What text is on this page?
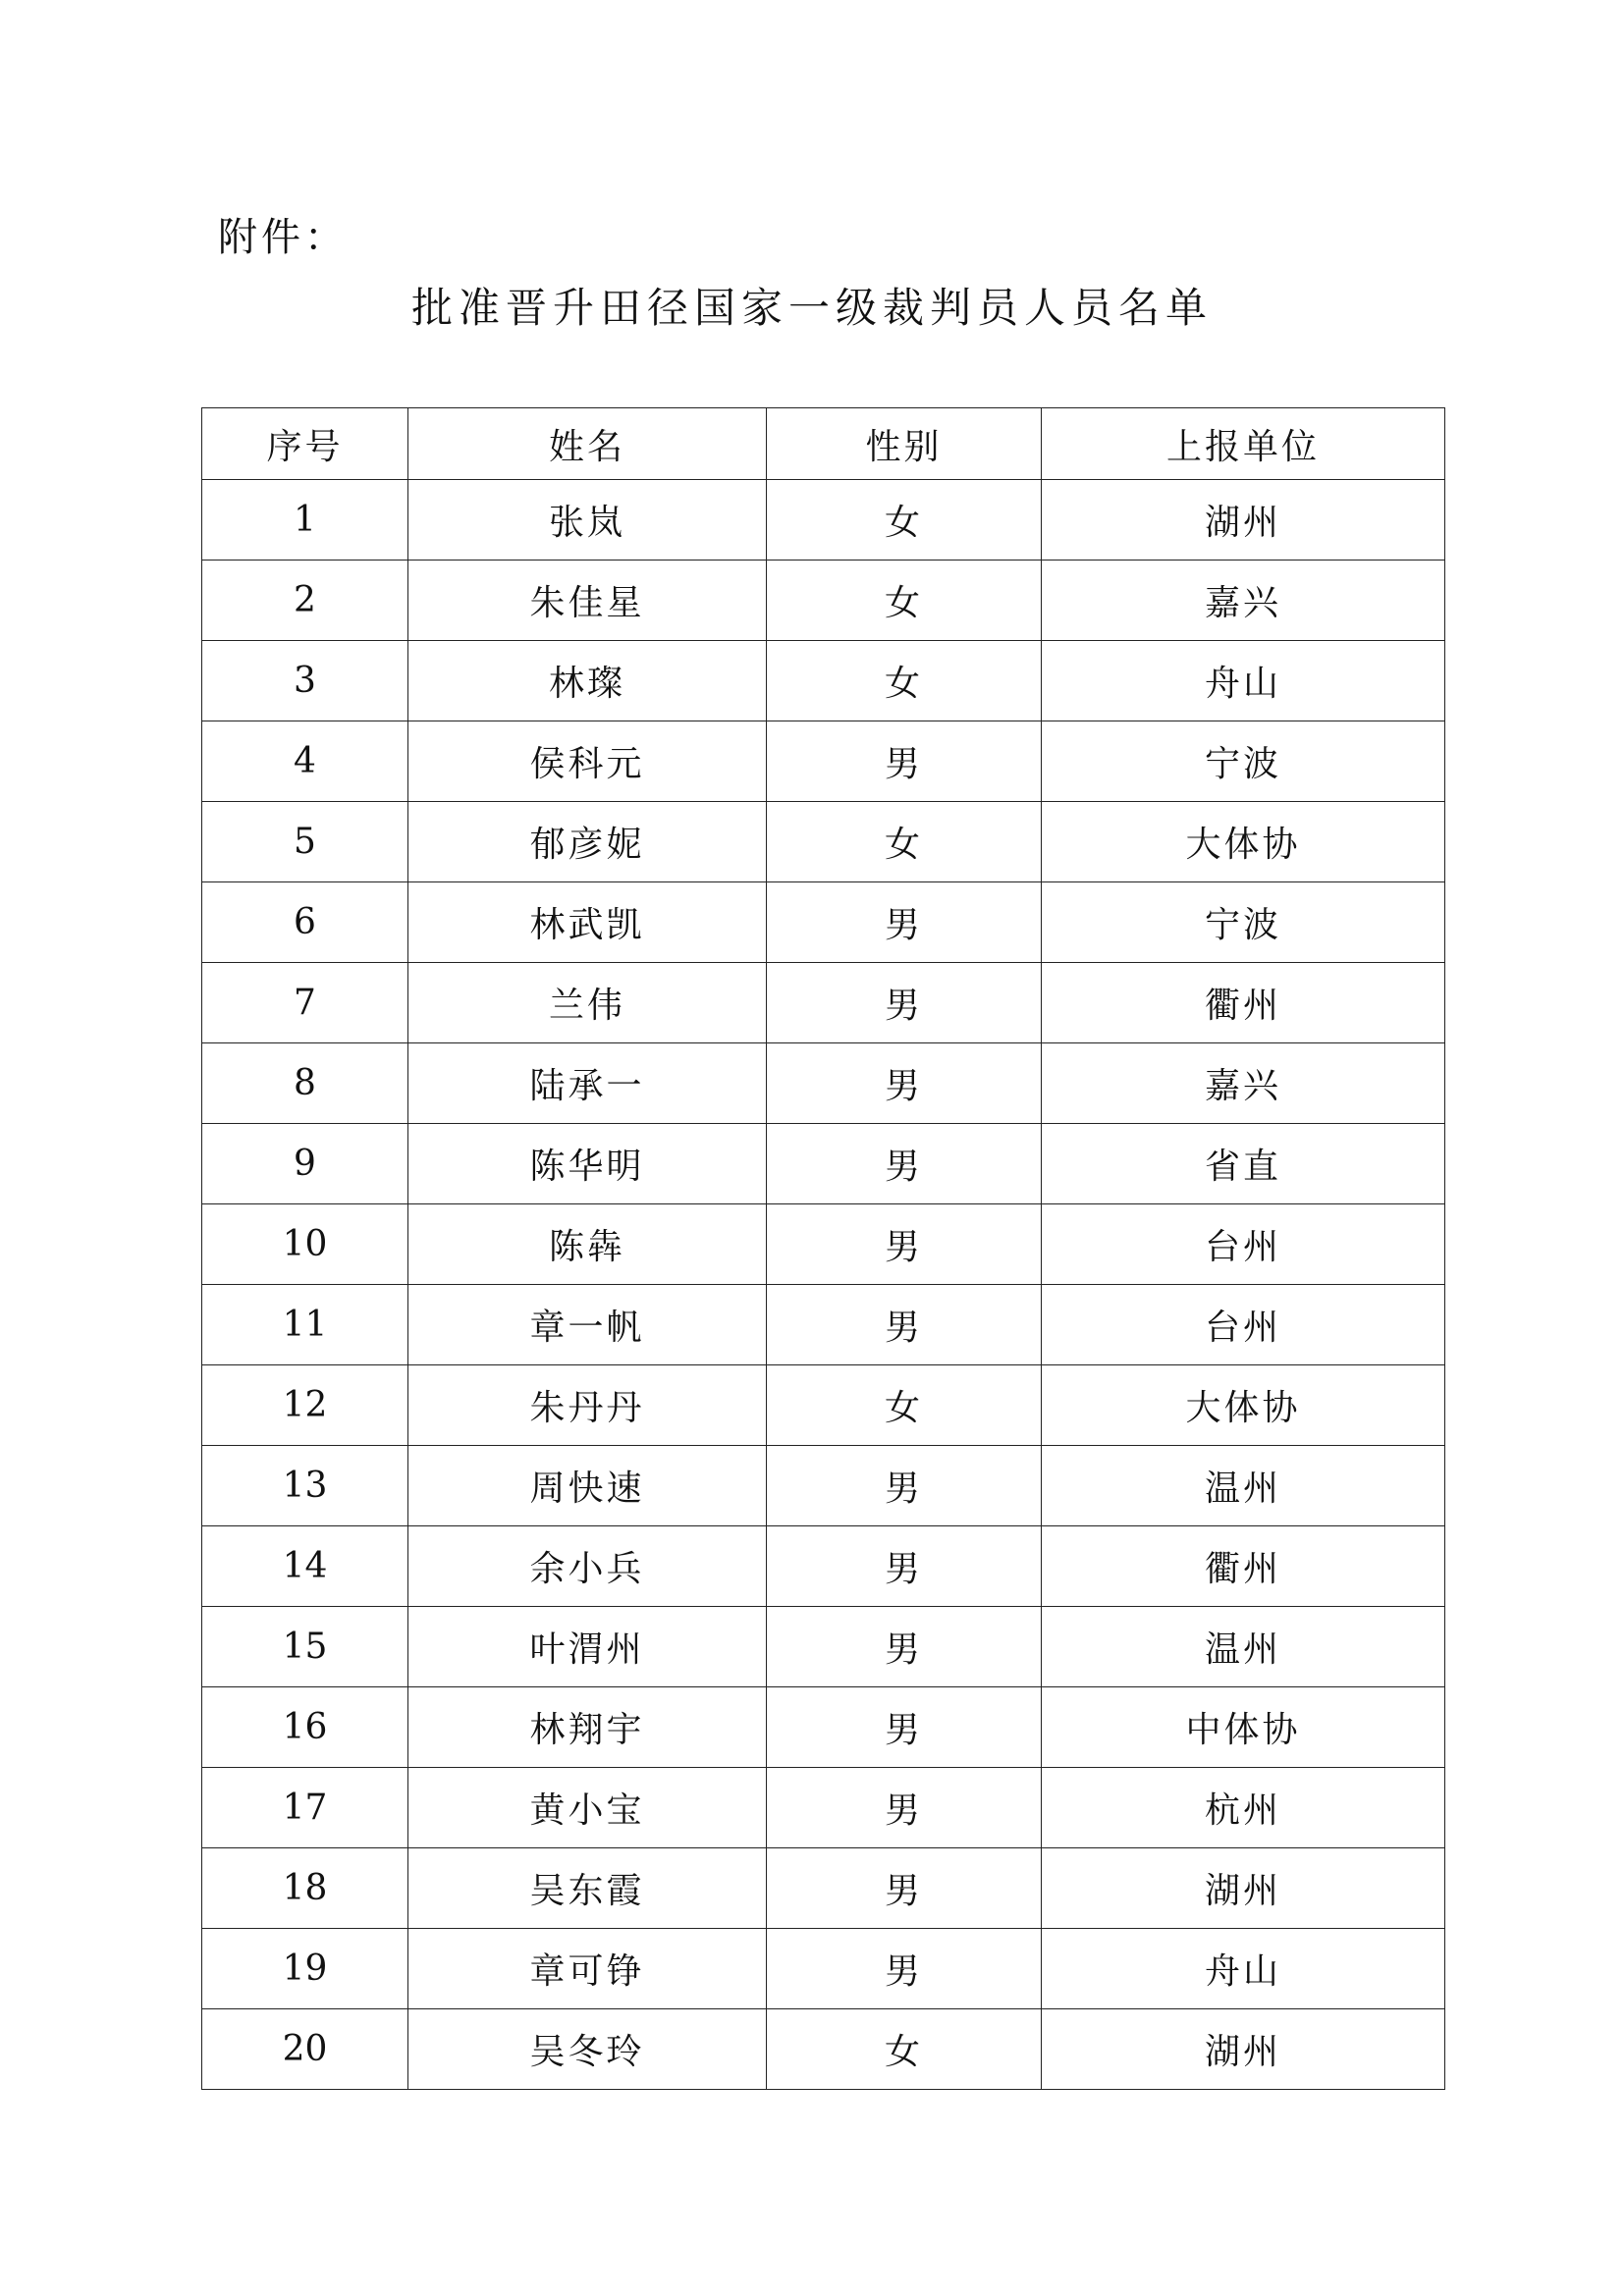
附件：
批准晋升田径国家一级裁判员人员名单
序号	姓名	性别	上报单位
1	张岚	女	湖州
2	朱佳星	女	嘉兴
3	林璨	女	舟山
4	侯科元	男	宁波
5	郁彦妮	女	大体协
6	林武凯	男	宁波
7	兰伟	男	衢州
8	陆承一	男	嘉兴
9	陈华明	男	省直
10	陈犇	男	台州
11	章一帆	男	台州
12	朱丹丹	女	大体协
13	周快速	男	温州
14	余小兵	男	衢州
15	叶渭州	男	温州
16	林翔宇	男	中体协
17	黄小宝	男	杭州
18	吴东霞	男	湖州
19	章可铮	男	舟山
20	吴冬玲	女	湖州
